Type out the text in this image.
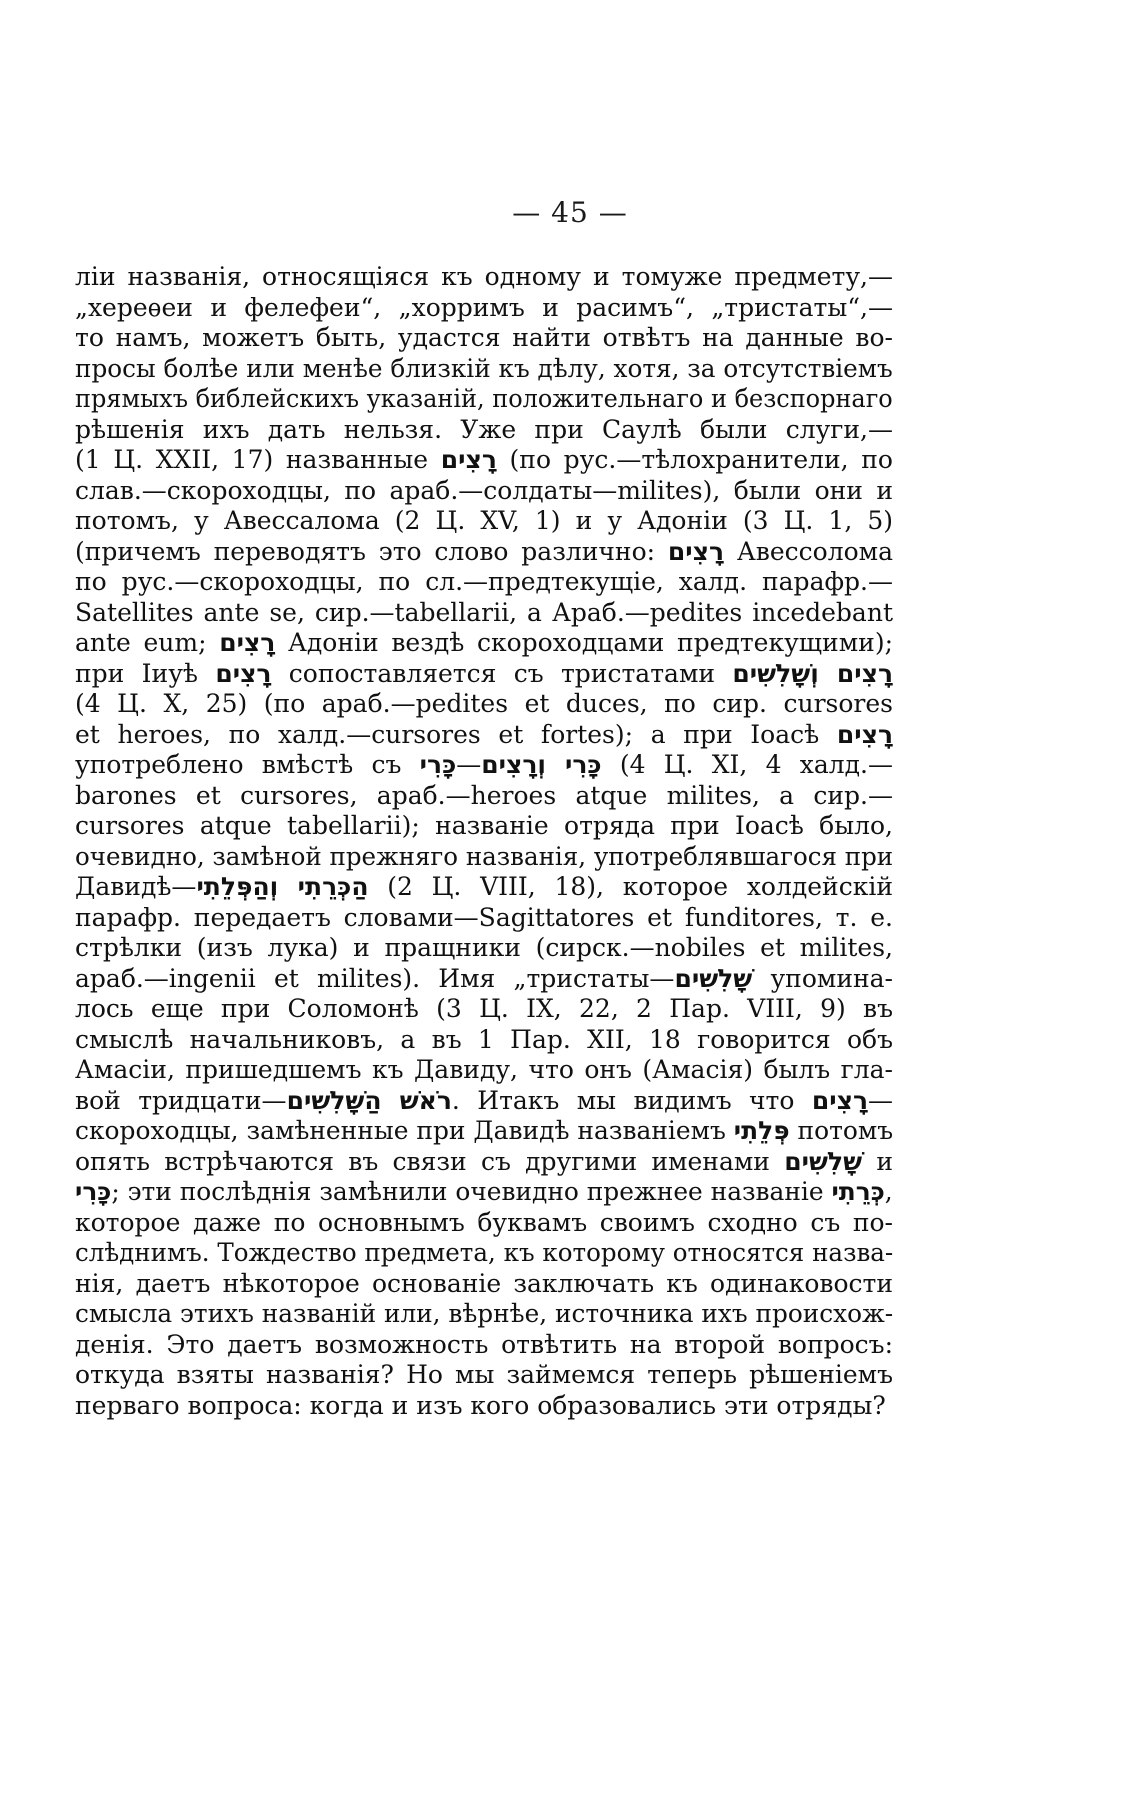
— 45 —
ліи названія, относящіяся къ одному и томуже предмету,—
„хереѳеи и фелефеи“, „хорримъ и расимъ“, „тристаты“,—
то намъ, можетъ быть, удастся найти отвѣтъ на данные во-
просы болѣе или менѣе близкій къ дѣлу, хотя, за отсутствіемъ
прямыхъ библейскихъ указаній, положительнаго и безспорнаго
рѣшенія ихъ дать нельзя. Уже при Саулѣ были слуги,—
(1 Ц. XXII, 17) названные רָצִים (по рус.—тѣлохранители, по
слав.—скороходцы, по араб.—солдаты—milites), были они и
потомъ, у Авессалома (2 Ц. XV, 1) и у Адоніи (3 Ц. 1, 5)
(причемъ переводятъ это слово различно: רָצִים Авессолома
по рус.—скороходцы, по сл.—предтекущіе, халд. парафр.—
Satellites ante se, сир.—tabellarii, а Араб.—pedites incedebant
ante eum; רָצִים Адоніи вездѣ скороходцами предтекущими);
при Іиуѣ רָצִים сопоставляется съ тристатами רָצִים וְשָׁלִשִׁים
(4 Ц. X, 25) (по араб.—pedites et duces, по сир. cursores
et heroes, по халд.—cursores et fortes); а при Іоасѣ רָצִים
употреблено вмѣстѣ съ כָּרִי—כָּרִי וְרָצִים (4 Ц. XI, 4 халд.—
barones et cursores, араб.—heroes atque milites, а сир.—
cursores atque tabellarii); названіе отряда при Іоасѣ было,
очевидно, замѣной прежняго названія, употреблявшагося при
Давидѣ—הַכְּרֵתִי וְהַפְּלֵתִי (2 Ц. VIII, 18), которое холдейскій
парафр. передаетъ словами—Sagittatores et funditores, т. е.
стрѣлки (изъ лука) и пращники (сирск.—nobiles et milites,
араб.—ingenii et milites). Имя „тристаты—שָׁלִשִׁים упомина-
лось еще при Соломонѣ (3 Ц. IX, 22, 2 Пар. VIII, 9) въ
смыслѣ начальниковъ, а въ 1 Пар. XII, 18 говорится объ
Амасіи, пришедшемъ къ Давиду, что онъ (Амасія) былъ гла-
вой тридцати—רֹאשׁ הַשָּׁלִשִׁים. Итакъ мы видимъ что רָצִים—
скороходцы, замѣненные при Давидѣ названіемъ פְּלֵתִי потомъ
опять встрѣчаются въ связи съ другими именами שָׁלִשִׁים и
כָּרִי; эти послѣднія замѣнили очевидно прежнее названіе כְּרֵתִי,
которое даже по основнымъ буквамъ своимъ сходно съ по-
слѣднимъ. Тождество предмета, къ которому относятся назва-
нія, даетъ нѣкоторое основаніе заключать къ одинаковости
смысла этихъ названій или, вѣрнѣе, источника ихъ происхож-
денія. Это даетъ возможность отвѣтить на второй вопросъ:
откуда взяты названія? Но мы займемся теперь рѣшеніемъ
перваго вопроса: когда и изъ кого образовались эти отряды?
